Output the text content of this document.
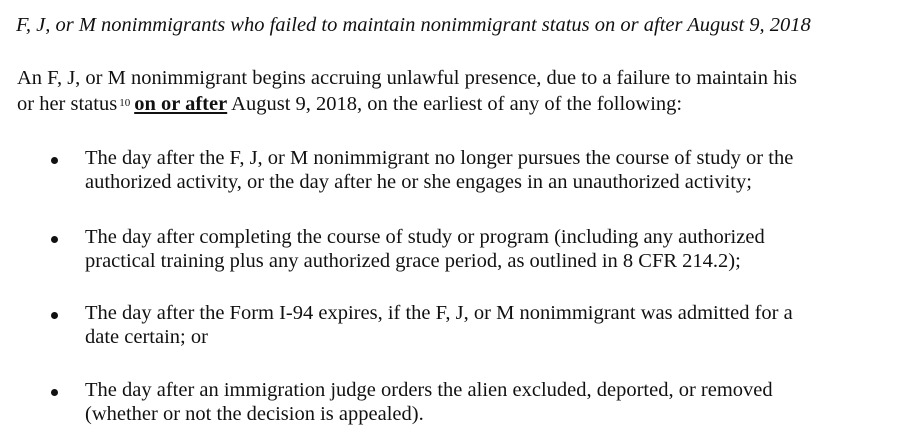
F, J, or M nonimmigrants who failed to maintain nonimmigrant status on or after August 9, 2018
An F, J, or M nonimmigrant begins accruing unlawful presence, due to a failure to maintain his
or her status $^{10}$ on or after August 9, 2018, on the earliest of any of the following:
The day after the F, J, or M nonimmigrant no longer pursues the course of study or the
authorized activity, or the day after he or she engages in an unauthorized activity;
The day after completing the course of study or program (including any authorized
practical training plus any authorized grace period, as outlined in 8 CFR 214.2);
The day after the Form I-94 expires, if the F, J, or M nonimmigrant was admitted for a
date certain; or
The day after an immigration judge orders the alien excluded, deported, or removed
(whether or not the decision is appealed).
